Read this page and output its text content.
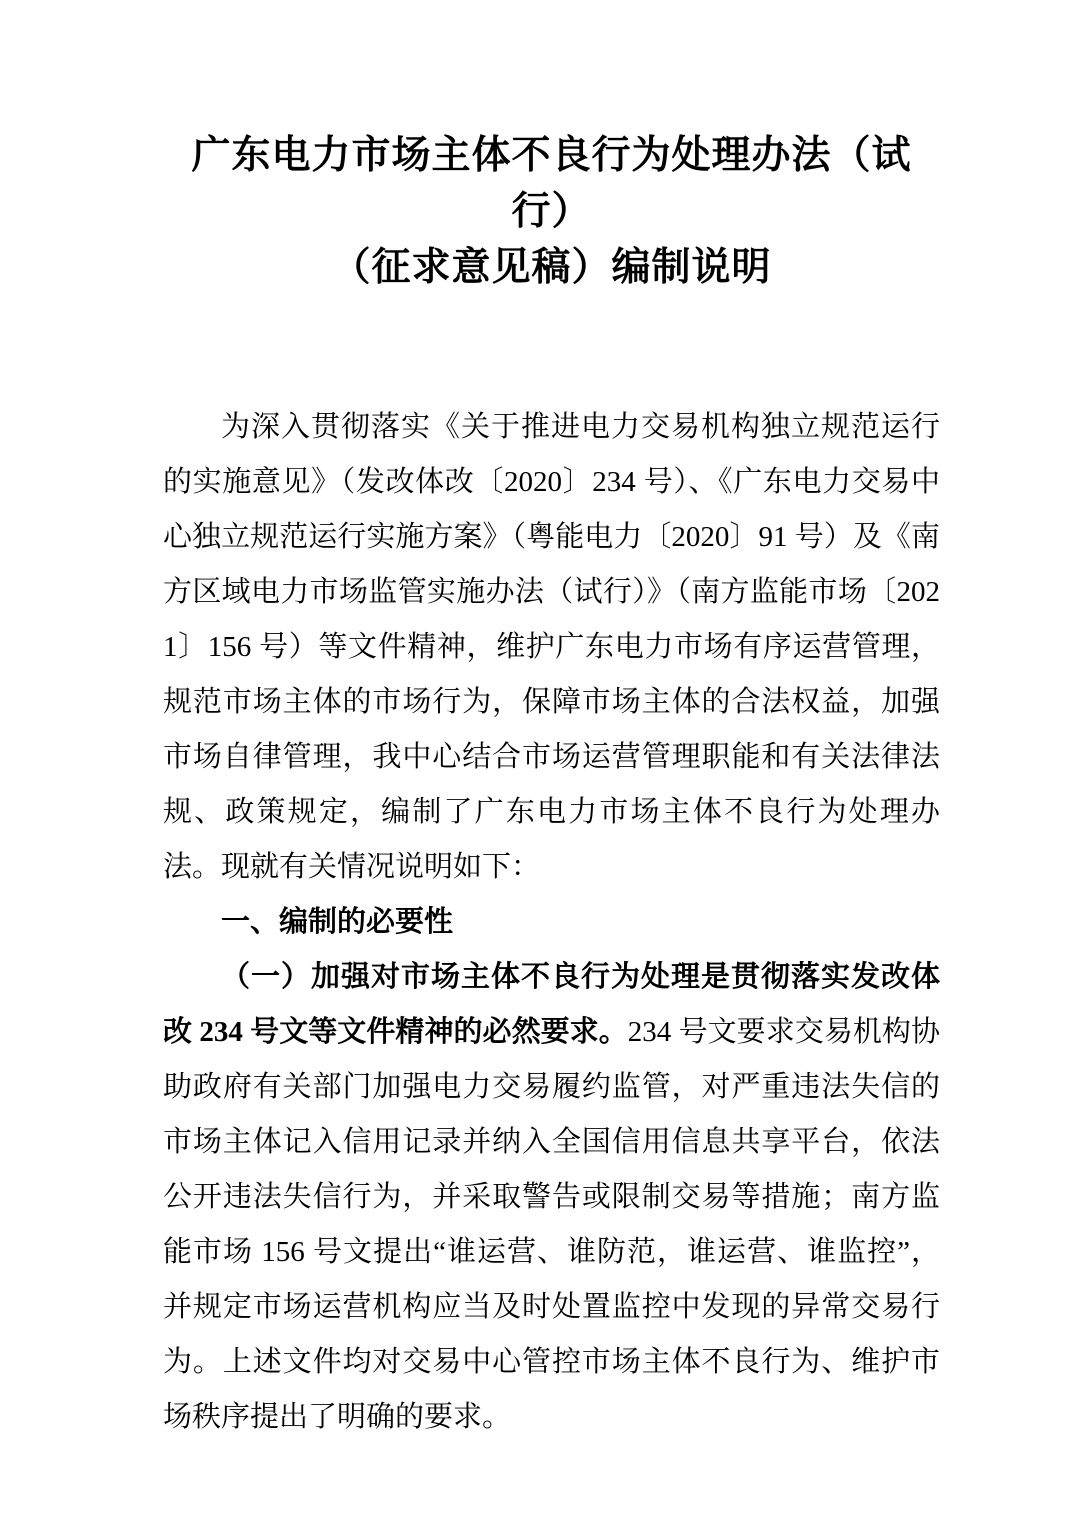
广东电力市场主体不良行为处理办法（试行）
（征求意见稿）编制说明

为深入贯彻落实《关于推进电力交易机构独立规范运行的实施意见》（发改体改〔2020〕234 号）、《广东电力交易中心独立规范运行实施方案》（粤能电力〔2020〕91 号）及《南方区域电力市场监管实施办法（试行）》（南方监能市场〔2021〕156 号）等文件精神，维护广东电力市场有序运营管理，规范市场主体的市场行为，保障市场主体的合法权益，加强市场自律管理，我中心结合市场运营管理职能和有关法律法规、政策规定，编制了广东电力市场主体不良行为处理办法。现就有关情况说明如下：

一、编制的必要性

（一）加强对市场主体不良行为处理是贯彻落实发改体改 234 号文等文件精神的必然要求。234 号文要求交易机构协助政府有关部门加强电力交易履约监管，对严重违法失信的市场主体记入信用记录并纳入全国信用信息共享平台，依法公开违法失信行为，并采取警告或限制交易等措施；南方监能市场 156 号文提出“谁运营、谁防范，谁运营、谁监控”，并规定市场运营机构应当及时处置监控中发现的异常交易行为。上述文件均对交易中心管控市场主体不良行为、维护市场秩序提出了明确的要求。
